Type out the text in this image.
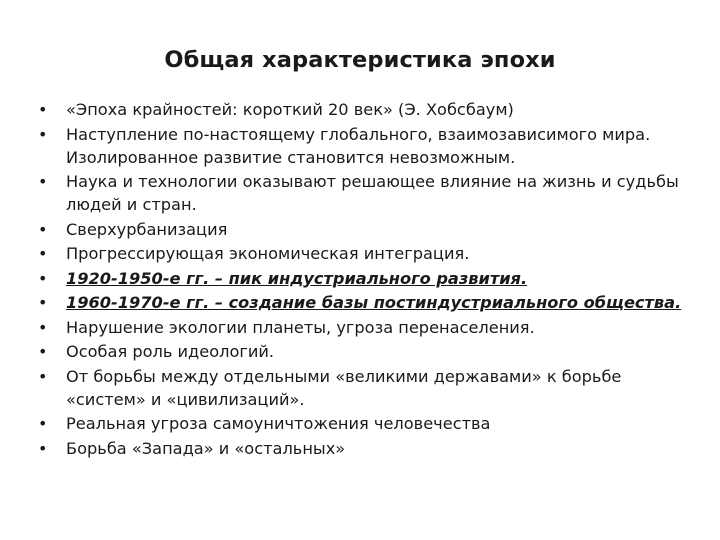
Общая характеристика эпохи
• «Эпоха крайностей: короткий 20 век» (Э. Хобсбаум)
• Наступление по-настоящему глобального, взаимозависимого мира. Изолированное развитие становится невозможным.
• Наука и технологии оказывают решающее влияние на жизнь и судьбы людей и стран.
• Сверхурбанизация
• Прогрессирующая экономическая интеграция.
• 1920-1950-е гг. – пик индустриального развития.
• 1960-1970-е гг. – создание базы постиндустриального общества.
• Нарушение экологии планеты, угроза перенаселения.
• Особая роль идеологий.
• От борьбы между отдельными «великими державами» к борьбе «систем» и «цивилизаций».
• Реальная угроза самоуничтожения человечества
• Борьба «Запада» и «остальных»
